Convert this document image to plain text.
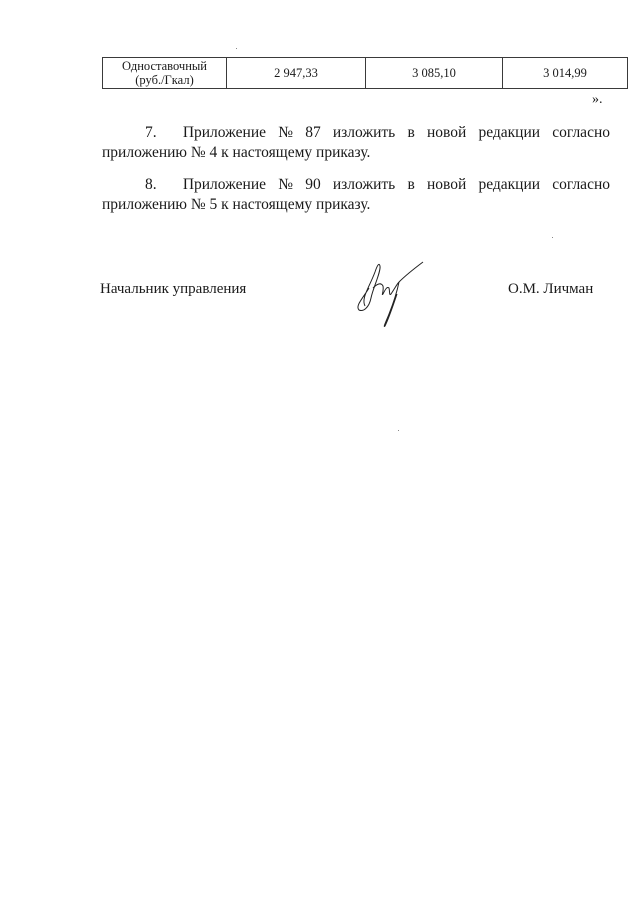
Одноставочный
(руб./Гкал)	2 947,33	3 085,10	3 014,99
».
7. Приложение № 87 изложить в новой редакции согласно
приложению № 4 к настоящему приказу.
8. Приложение № 90 изложить в новой редакции согласно
приложению № 5 к настоящему приказу.
Начальник управления	О.М. Личман
